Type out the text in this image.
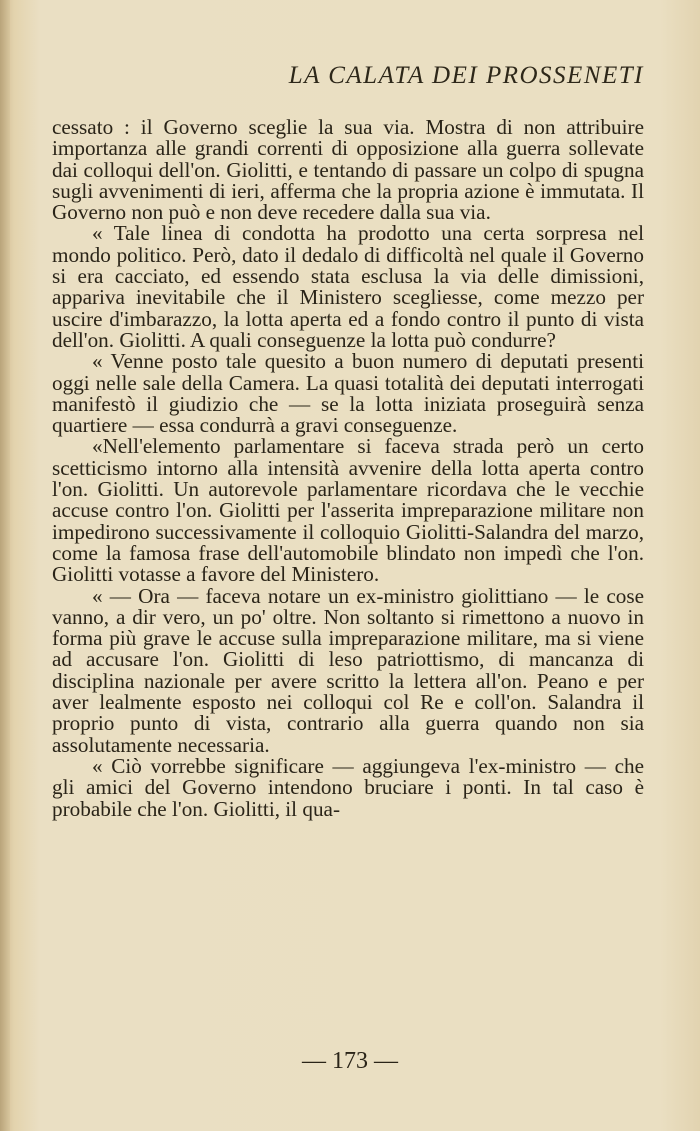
LA CALATA DEI PROSSENETI

cessato : il Governo sceglie la sua via. Mostra di non attribuire importanza alle grandi correnti di opposizione alla guerra sollevate dai colloqui dell'on. Giolitti, e tentando di passare un colpo di spugna sugli avvenimenti di ieri, afferma che la propria azione è immutata. Il Governo non può e non deve recedere dalla sua via.

« Tale linea di condotta ha prodotto una certa sorpresa nel mondo politico. Però, dato il dedalo di difficoltà nel quale il Governo si era cacciato, ed essendo stata esclusa la via delle dimissioni, appariva inevitabile che il Ministero scegliesse, come mezzo per uscire d'imbarazzo, la lotta aperta ed a fondo contro il punto di vista dell'on. Giolitti. A quali conseguenze la lotta può condurre?

« Venne posto tale quesito a buon numero di deputati presenti oggi nelle sale della Camera. La quasi totalità dei deputati interrogati manifestò il giudizio che — se la lotta iniziata proseguirà senza quartiere — essa condurrà a gravi conseguenze.

«Nell'elemento parlamentare si faceva strada però un certo scetticismo intorno alla intensità avvenire della lotta aperta contro l'on. Giolitti. Un autorevole parlamentare ricordava che le vecchie accuse contro l'on. Giolitti per l'asserita impreparazione militare non impedirono successivamente il colloquio Giolitti-Salandra del marzo, come la famosa frase dell'automobile blindato non impedì che l'on. Giolitti votasse a favore del Ministero.

« — Ora — faceva notare un ex-ministro giolittiano — le cose vanno, a dir vero, un po' oltre. Non soltanto si rimettono a nuovo in forma più grave le accuse sulla impreparazione militare, ma si viene ad accusare l'on. Giolitti di leso patriottismo, di mancanza di disciplina nazionale per avere scritto la lettera all'on. Peano e per aver lealmente esposto nei colloqui col Re e coll'on. Salandra il proprio punto di vista, contrario alla guerra quando non sia assolutamente necessaria.

« Ciò vorrebbe significare — aggiungeva l'ex-ministro — che gli amici del Governo intendono bruciare i ponti. In tal caso è probabile che l'on. Giolitti, il qua-

— 173 —
